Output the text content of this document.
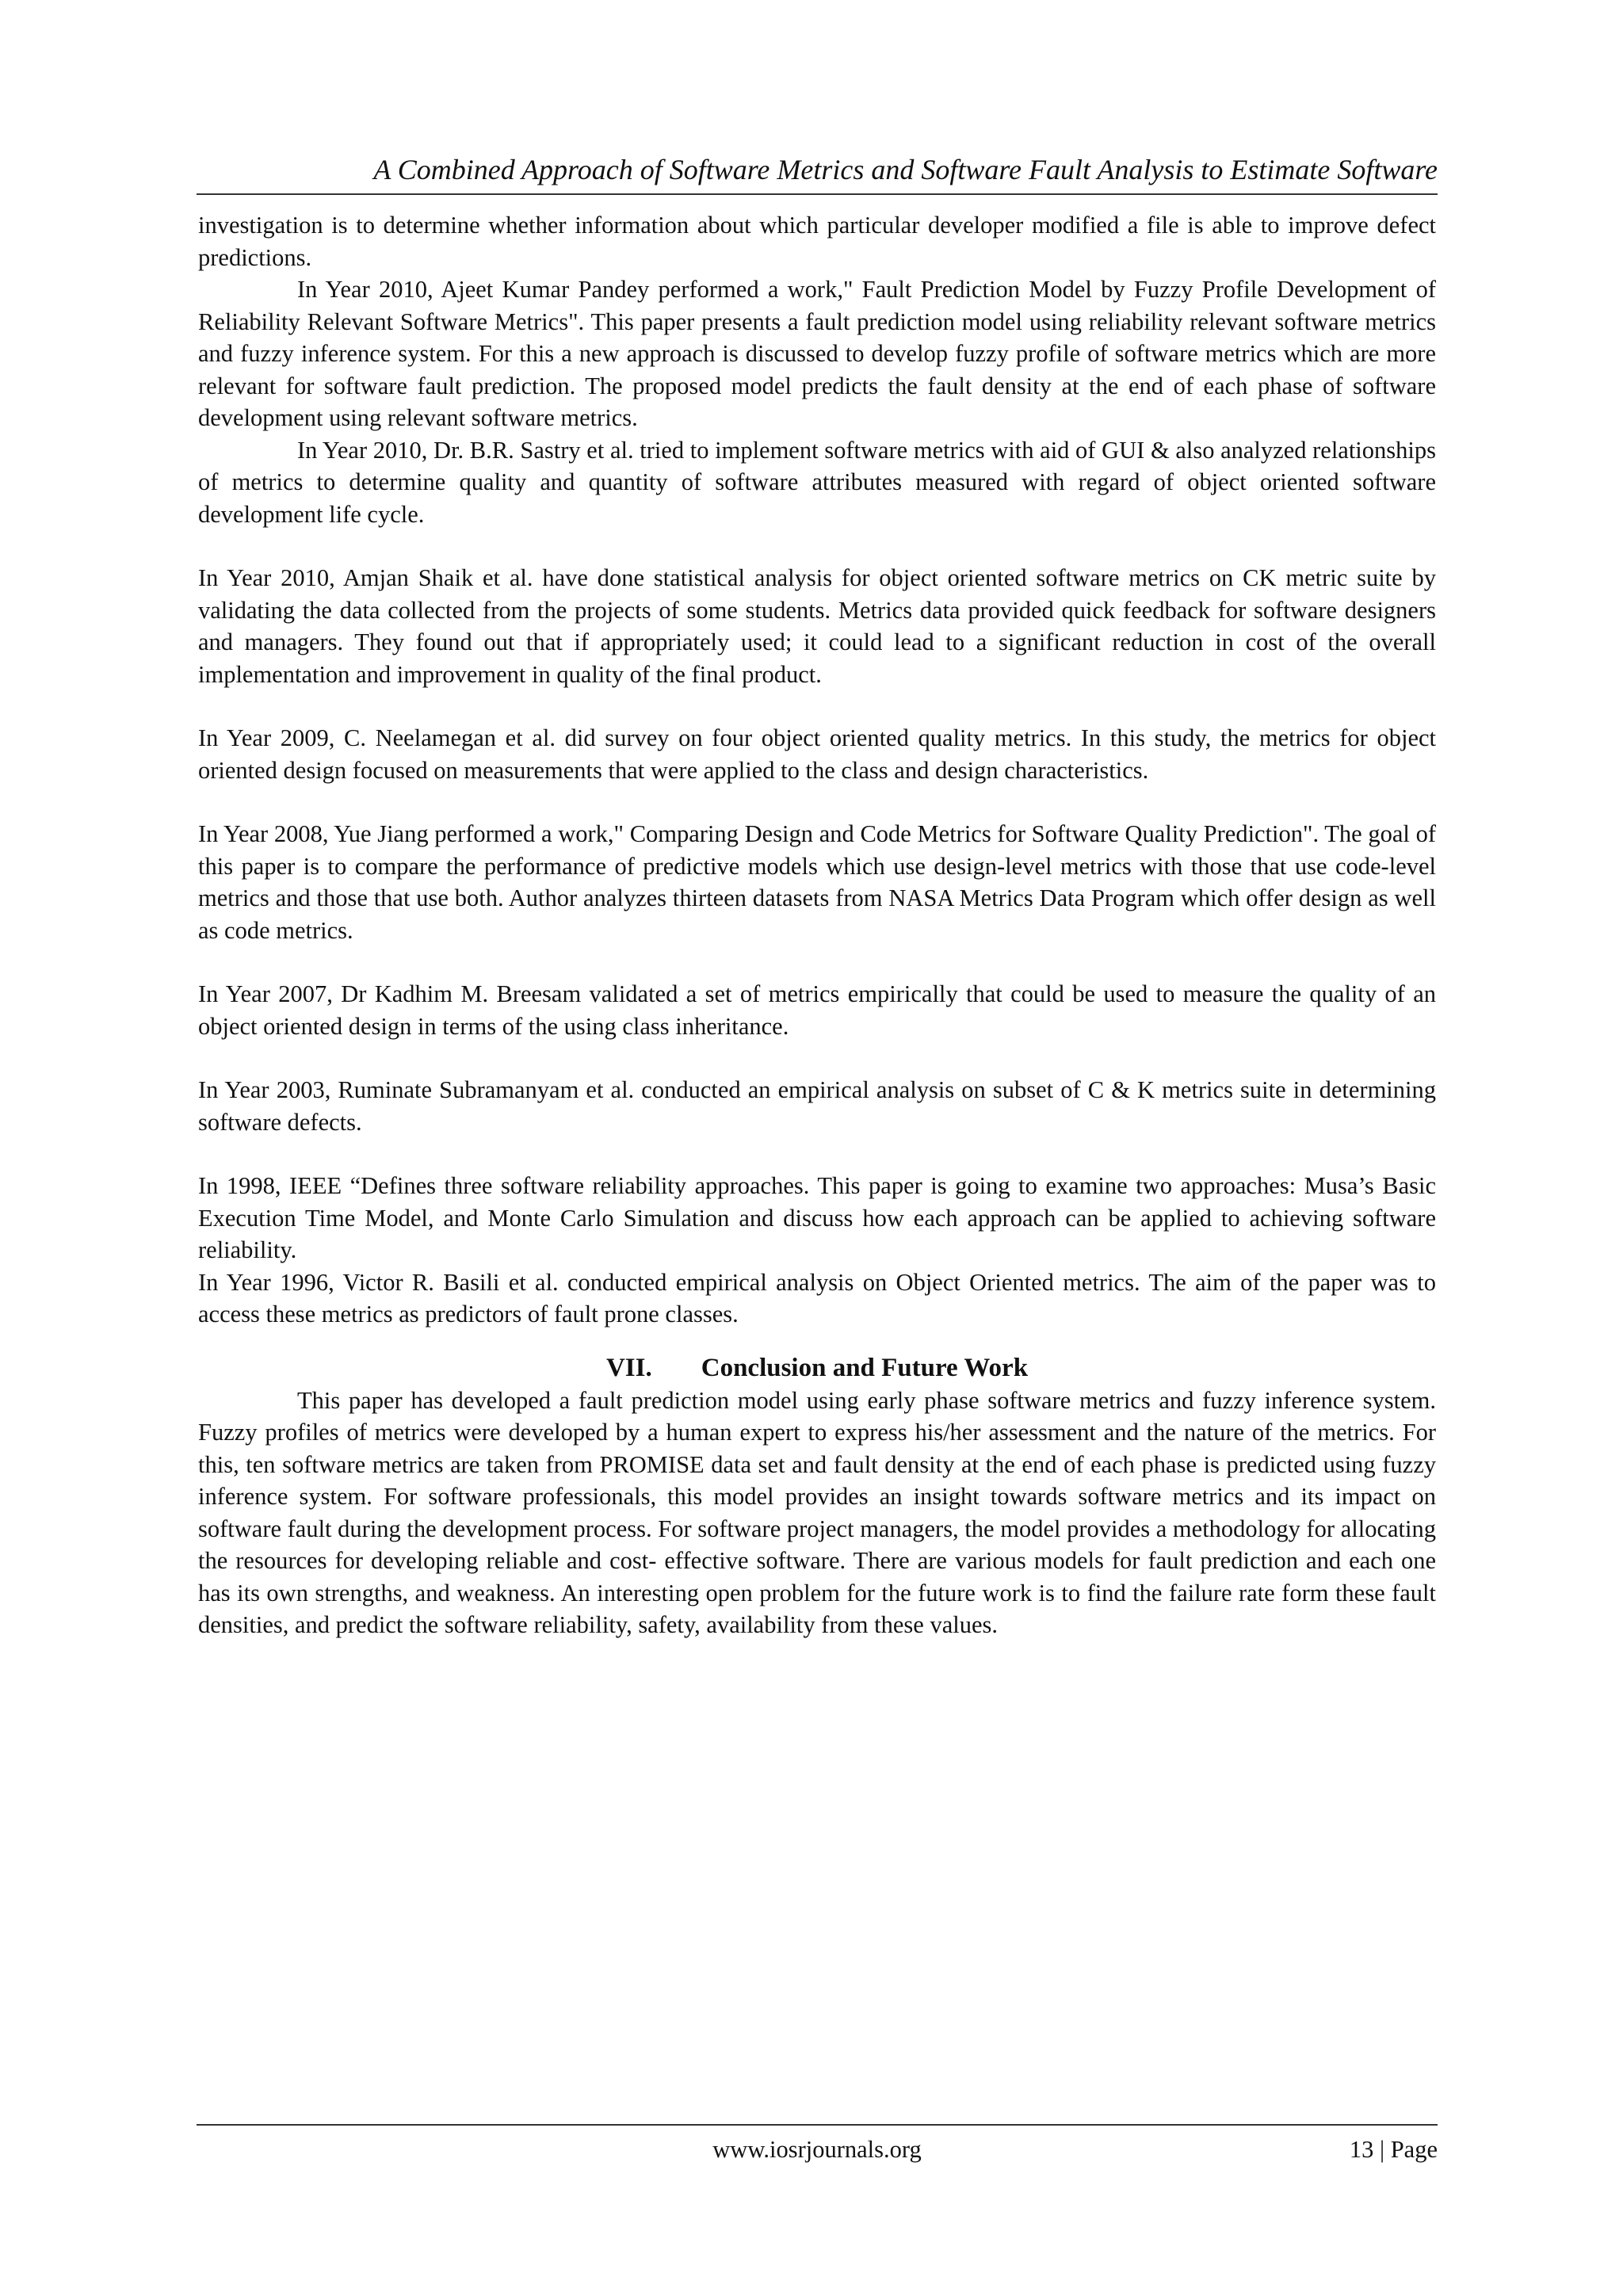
A Combined Approach of Software Metrics and Software Fault Analysis to Estimate Software

investigation is to determine whether information about which particular developer modified a file is able to improve defect predictions.

In Year 2010, Ajeet Kumar Pandey performed a work," Fault Prediction Model by Fuzzy Profile Development of Reliability Relevant Software Metrics". This paper presents a fault prediction model using reliability relevant software metrics and fuzzy inference system. For this a new approach is discussed to develop fuzzy profile of software metrics which are more relevant for software fault prediction. The proposed model predicts the fault density at the end of each phase of software development using relevant software metrics.

In Year 2010, Dr. B.R. Sastry et al. tried to implement software metrics with aid of GUI & also analyzed relationships of metrics to determine quality and quantity of software attributes measured with regard of object oriented software development life cycle.

In Year 2010, Amjan Shaik et al. have done statistical analysis for object oriented software metrics on CK metric suite by validating the data collected from the projects of some students. Metrics data provided quick feedback for software designers and managers. They found out that if appropriately used; it could lead to a significant reduction in cost of the overall implementation and improvement in quality of the final product.

In Year 2009, C. Neelamegan et al. did survey on four object oriented quality metrics. In this study, the metrics for object oriented design focused on measurements that were applied to the class and design characteristics.

In Year 2008, Yue Jiang performed a work," Comparing Design and Code Metrics for Software Quality Prediction". The goal of this paper is to compare the performance of predictive models which use design-level metrics with those that use code-level metrics and those that use both. Author analyzes thirteen datasets from NASA Metrics Data Program which offer design as well as code metrics.

In Year 2007, Dr Kadhim M. Breesam validated a set of metrics empirically that could be used to measure the quality of an object oriented design in terms of the using class inheritance.

In Year 2003, Ruminate Subramanyam et al. conducted an empirical analysis on subset of C & K metrics suite in determining software defects.

In 1998, IEEE “Defines three software reliability approaches. This paper is going to examine two approaches: Musa’s Basic Execution Time Model, and Monte Carlo Simulation and discuss how each approach can be applied to achieving software reliability.

In Year 1996, Victor R. Basili et al. conducted empirical analysis on Object Oriented metrics. The aim of the paper was to access these metrics as predictors of fault prone classes.

VII. Conclusion and Future Work

This paper has developed a fault prediction model using early phase software metrics and fuzzy inference system. Fuzzy profiles of metrics were developed by a human expert to express his/her assessment and the nature of the metrics. For this, ten software metrics are taken from PROMISE data set and fault density at the end of each phase is predicted using fuzzy inference system. For software professionals, this model provides an insight towards software metrics and its impact on software fault during the development process. For software project managers, the model provides a methodology for allocating the resources for developing reliable and cost- effective software. There are various models for fault prediction and each one has its own strengths, and weakness. An interesting open problem for the future work is to find the failure rate form these fault densities, and predict the software reliability, safety, availability from these values.

www.iosrjournals.org	13 | Page
